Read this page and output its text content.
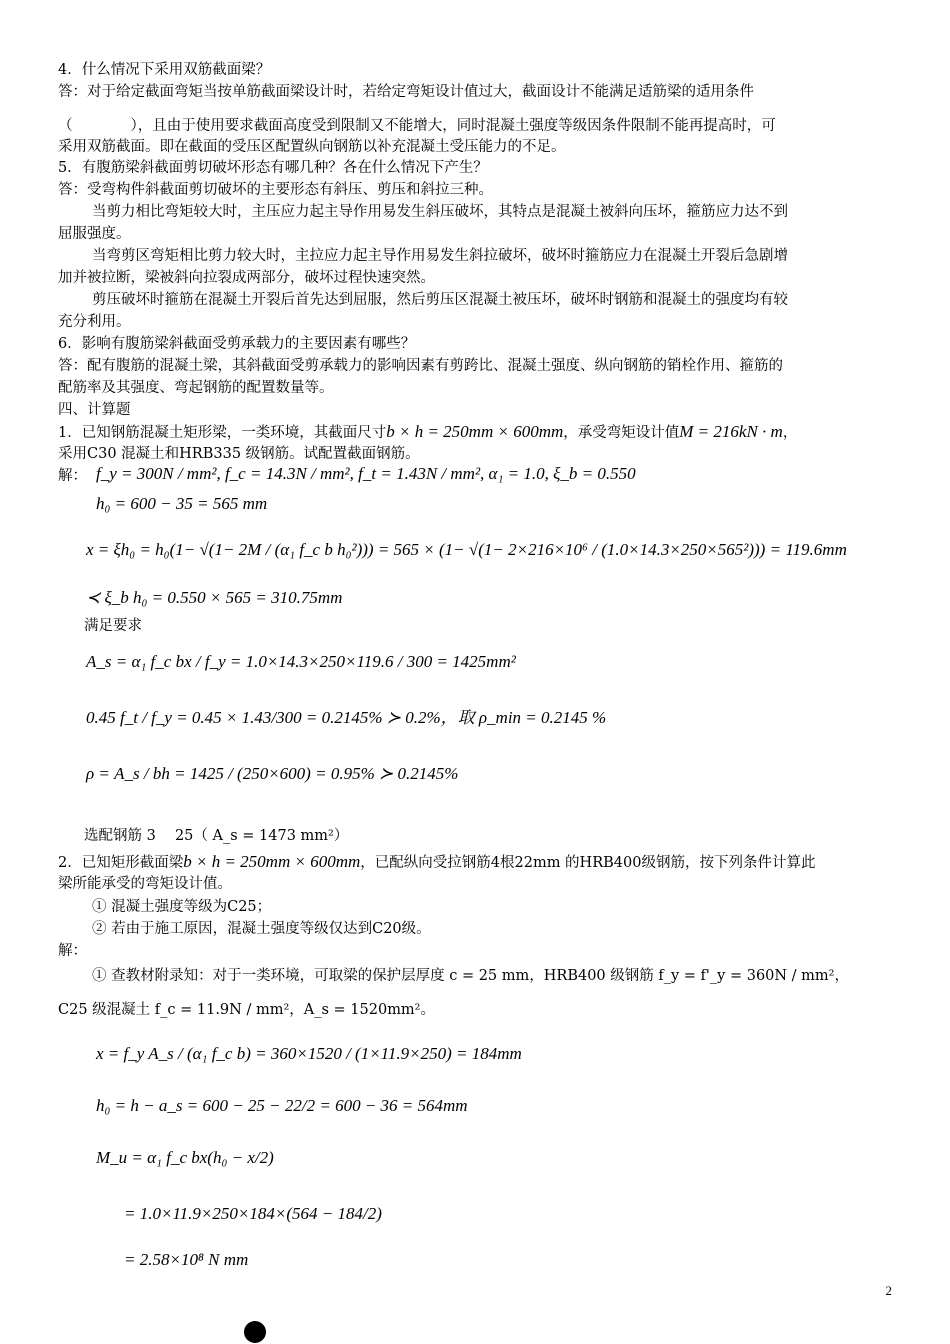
4．什么情况下采用双筋截面梁？
答：对于给定截面弯矩当按单筋截面梁设计时，若给定弯矩设计值过大，截面设计不能满足适筋梁的适用条件
（　　　　），且由于使用要求截面高度受到限制又不能增大，同时混凝土强度等级因条件限制不能再提高时，可
采用双筋截面。即在截面的受压区配置纵向钢筋以补充混凝土受压能力的不足。
5．有腹筋梁斜截面剪切破坏形态有哪几种？各在什么情况下产生？
答：受弯构件斜截面剪切破坏的主要形态有斜压、剪压和斜拉三种。
当剪力相比弯矩较大时，主压应力起主导作用易发生斜压破坏，其特点是混凝土被斜向压坏，箍筋应力达不到
屈服强度。
当弯剪区弯矩相比剪力较大时，主拉应力起主导作用易发生斜拉破坏，破坏时箍筋应力在混凝土开裂后急剧增
加并被拉断，梁被斜向拉裂成两部分，破坏过程快速突然。
剪压破坏时箍筋在混凝土开裂后首先达到屈服，然后剪压区混凝土被压坏，破坏时钢筋和混凝土的强度均有较
充分利用。
6．影响有腹筋梁斜截面受剪承载力的主要因素有哪些？
答：配有腹筋的混凝土梁，其斜截面受剪承载力的影响因素有剪跨比、混凝土强度、纵向钢筋的销栓作用、箍筋的
配筋率及其强度、弯起钢筋的配置数量等。
四、计算题
1．已知钢筋混凝土矩形梁，一类环境，其截面尺寸b × h = 250mm × 600mm，承受弯矩设计值M = 216kN · m，
采用C30 混凝土和HRB335 级钢筋。试配置截面钢筋。
解： f_y = 300N / mm², f_c = 14.3N / mm², f_t = 1.43N / mm², α₁ = 1.0, ξ_b = 0.550
h₀ = 600 − 35 = 565 mm
x = ξh₀ = h₀(1− √(1− 2M / (α₁ f_c b h₀²))) = 565 × (1− √(1− 2×216×10⁶ / (1.0×14.3×250×565²))) = 119.6mm
≺ ξ_b h₀ = 0.550 × 565 = 310.75mm
满足要求
A_s = α₁ f_c bx / f_y = 1.0×14.3×250×119.6 / 300 = 1425mm²
0.45 f_t / f_y = 0.45 × 1.43/300 = 0.2145% ≻ 0.2%，取 ρ_min = 0.2145 %
ρ = A_s / bh = 1425 / (250×600) = 0.95% ≻ 0.2145%
选配钢筋 3　 25（ A_s = 1473 mm²）
2．已知矩形截面梁b × h = 250mm × 600mm，已配纵向受拉钢筋4根22mm 的HRB400级钢筋，按下列条件计算此
梁所能承受的弯矩设计值。
① 混凝土强度等级为C25；
② 若由于施工原因，混凝土强度等级仅达到C20级。
解：
① 查教材附录知：对于一类环境，可取梁的保护层厚度 c = 25 mm，HRB400 级钢筋 f_y = f'_y = 360N / mm²，
C25 级混凝土 f_c = 11.9N / mm²，A_s = 1520mm²。
x = f_y A_s / (α₁ f_c b) = 360×1520 / (1×11.9×250) = 184mm
h₀ = h − a_s = 600 − 25 − 22/2 = 600 − 36 = 564mm
M_u = α₁ f_c bx(h₀ − x/2)
= 1.0×11.9×250×184×(564 − 184/2)
= 2.58×10⁸ N mm
2
